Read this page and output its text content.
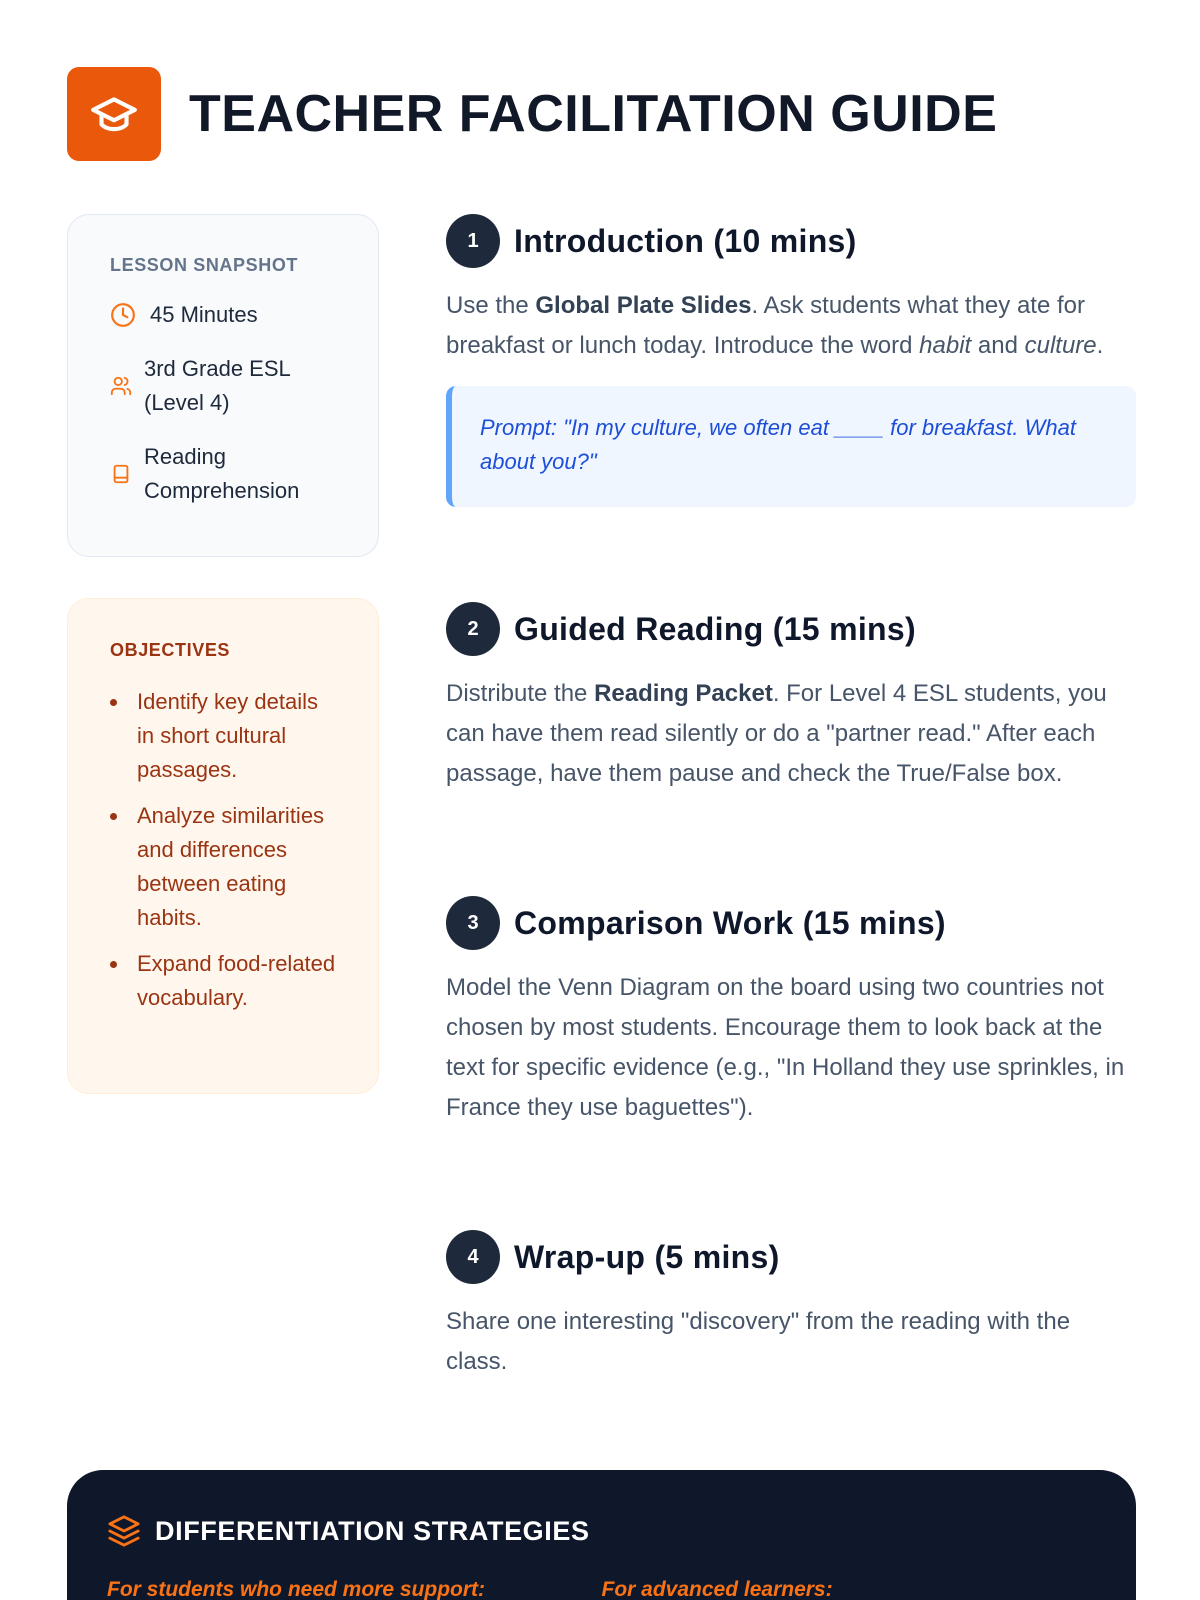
TEACHER FACILITATION GUIDE
LESSON SNAPSHOT
45 Minutes
3rd Grade ESL (Level 4)
Reading Comprehension
OBJECTIVES
Identify key details in short cultural passages.
Analyze similarities and differences between eating habits.
Expand food-related vocabulary.
1	Introduction (10 mins)

Use the Global Plate Slides. Ask students what they ate for breakfast or lunch today. Introduce the word habit and culture.

Prompt: "In my culture, we often eat ____ for breakfast. What about you?"
2	Guided Reading (15 mins)

Distribute the Reading Packet. For Level 4 ESL students, you can have them read silently or do a "partner read." After each passage, have them pause and check the True/False box.

3	Comparison Work (15 mins)

Model the Venn Diagram on the board using two countries not chosen by most students. Encourage them to look back at the text for specific evidence (e.g., "In Holland they use sprinkles, in France they use baguettes").

4	Wrap-up (5 mins)

Share one interesting "discovery" from the reading with the class.

DIFFERENTIATION STRATEGIES
For students who need more support:	For advanced learners:
